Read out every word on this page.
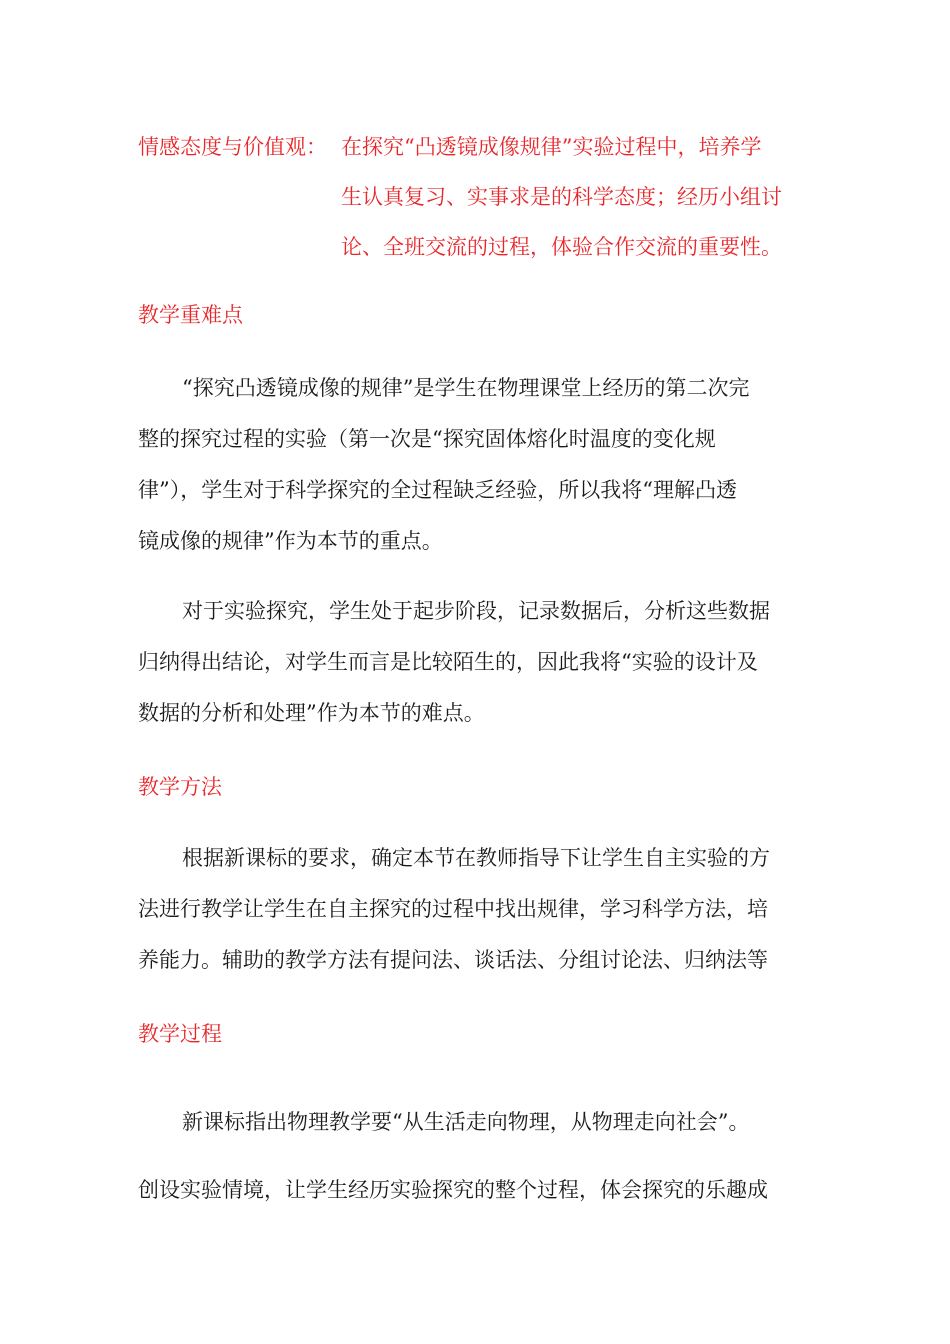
情感态度与价值观： 在探究“凸透镜成像规律”实验过程中，培养学
生认真复习、实事求是的科学态度；经历小组讨
论、全班交流的过程，体验合作交流的重要性。
教学重难点
“探究凸透镜成像的规律”是学生在物理课堂上经历的第二次完
整的探究过程的实验（第一次是“探究固体熔化时温度的变化规
律”），学生对于科学探究的全过程缺乏经验，所以我将“理解凸透
镜成像的规律”作为本节的重点。
对于实验探究，学生处于起步阶段，记录数据后，分析这些数据
归纳得出结论，对学生而言是比较陌生的，因此我将“实验的设计及
数据的分析和处理”作为本节的难点。
教学方法
根据新课标的要求，确定本节在教师指导下让学生自主实验的方
法进行教学让学生在自主探究的过程中找出规律，学习科学方法，培
养能力。辅助的教学方法有提问法、谈话法、分组讨论法、归纳法等
教学过程
新课标指出物理教学要“从生活走向物理，从物理走向社会”。
创设实验情境，让学生经历实验探究的整个过程，体会探究的乐趣成
